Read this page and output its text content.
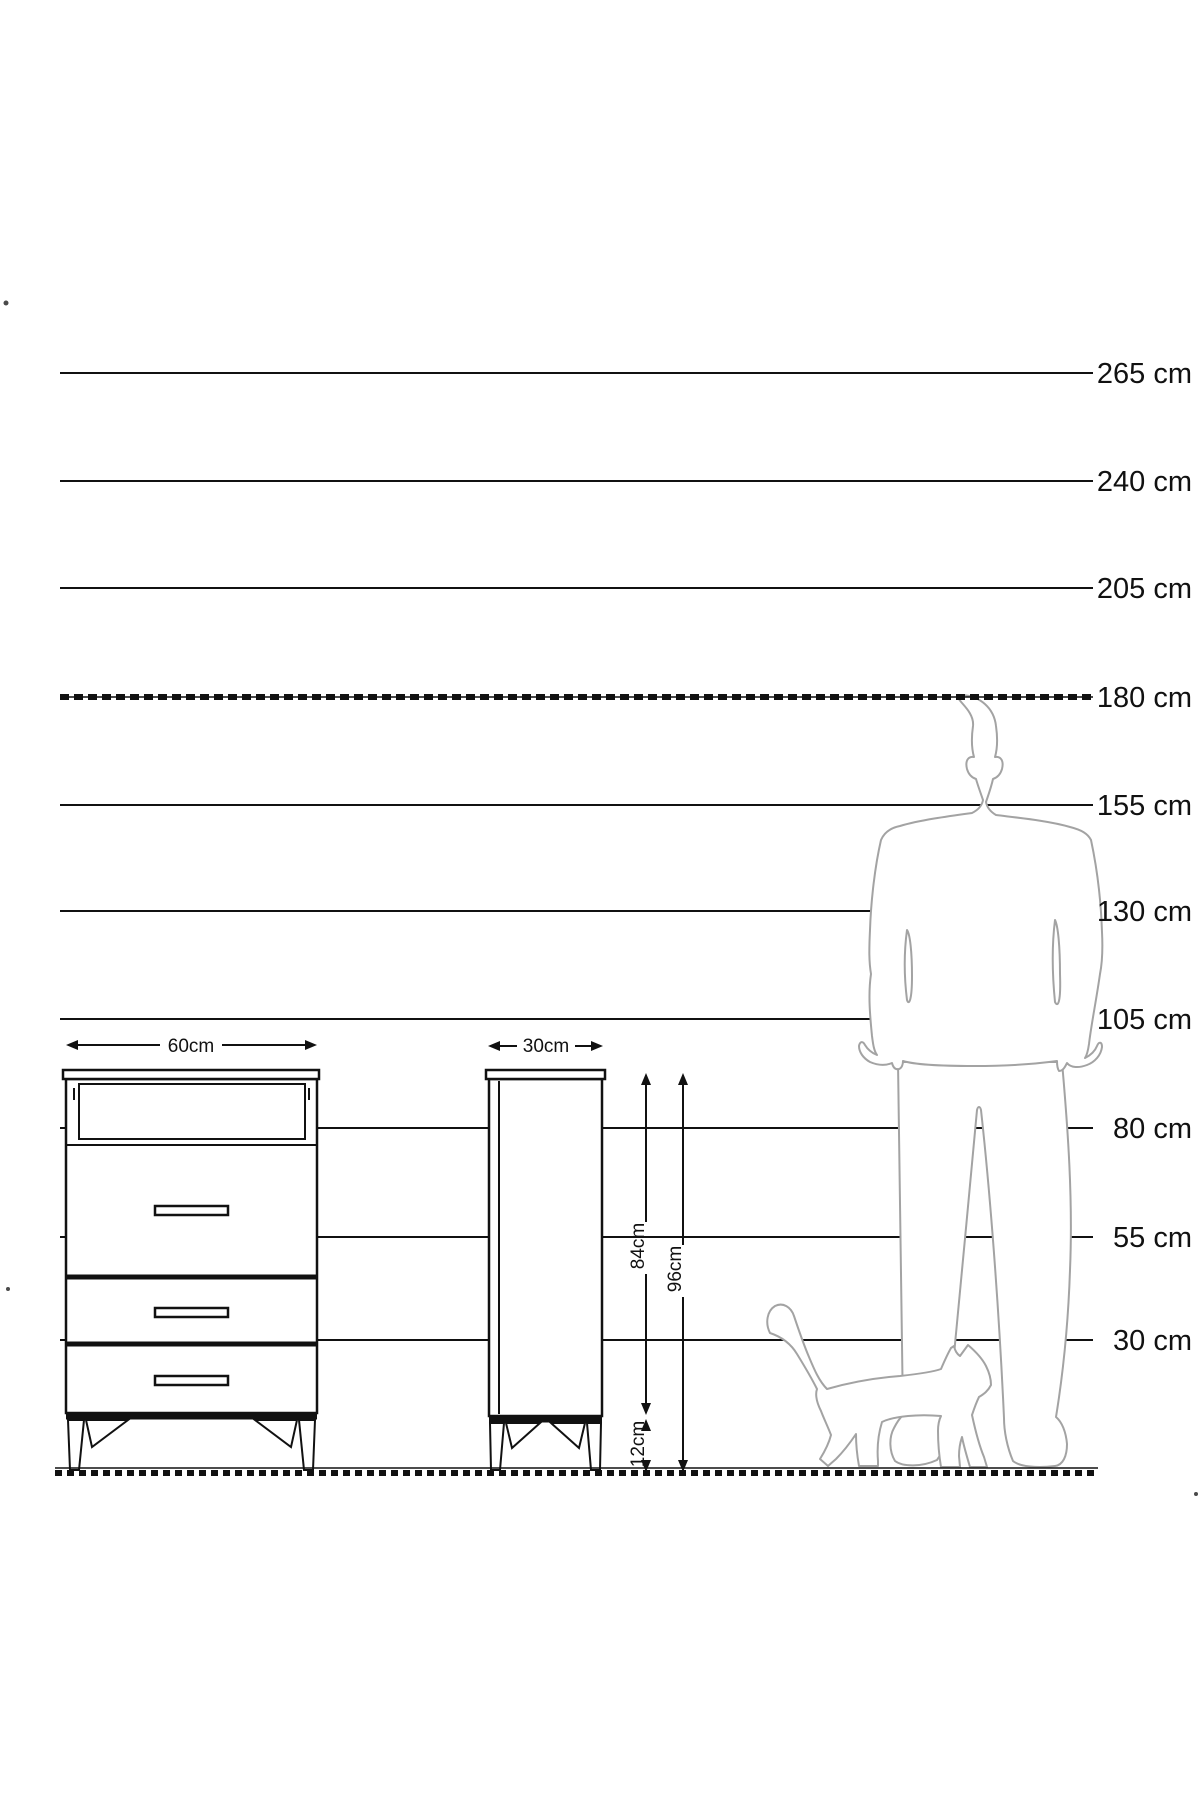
60cm	30cm
84cm 96cm
12cm
265 cm
240 cm
205 cm
180 cm
155 cm
130 cm
105 cm
80 cm
55 cm
30 cm
